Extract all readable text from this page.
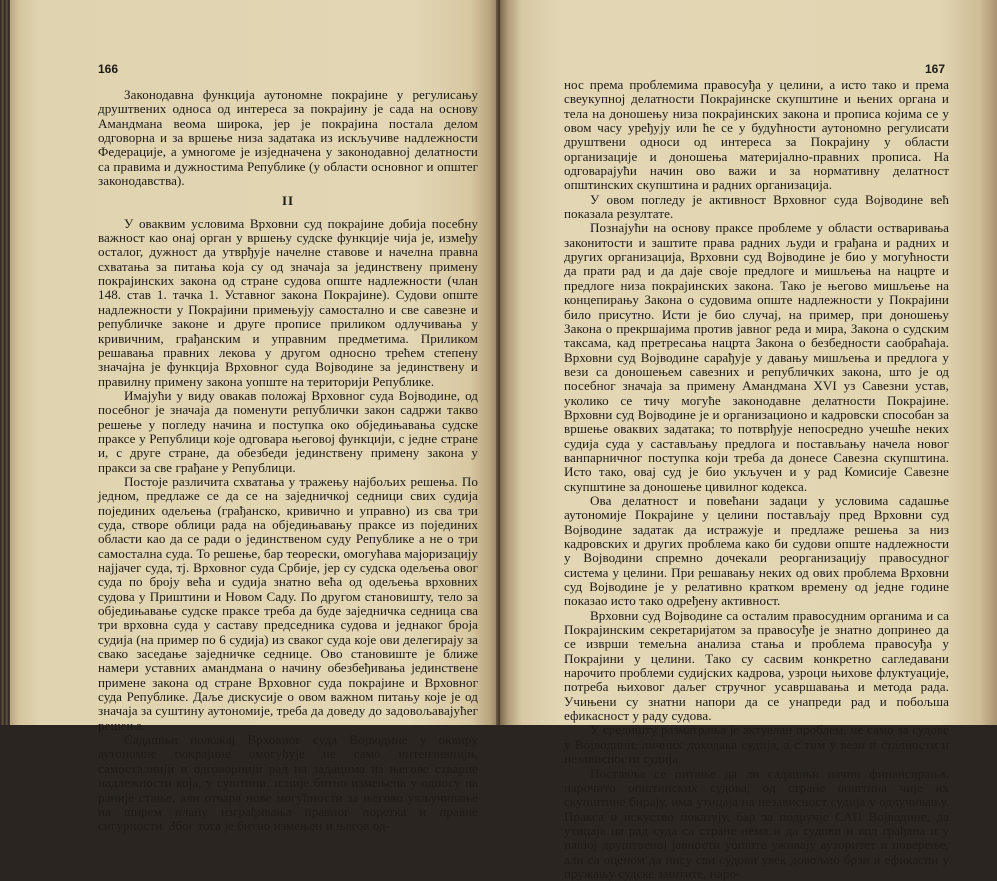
166

Законодавна функција аутономне покрајине у регулисању друштвених односа од интереса за покрајину је сада на основу Амандмана веома широка, јер је покрајина постала делом одговорна и за вршење низа задатака из искључиве надлежности Федерације, а умногоме је изједначена у законодавној делатности са правима и дужностима Републике (у области основног и општег законодавства).

II

У оваквим условима Врховни суд покрајине добија посебну важност као онај орган у вршењу судске функције чија је, између осталог, дужност да утврђује начелне ставове и начелна правна схватања за питања која су од значаја за јединствену примену покрајинских закона од стране судова опште надлежности (члан 148. став 1. тачка 1. Уставног закона Покрајине). Судови опште надлежности у Покрајини примењују самостално и све савезне и републичке законе и друге прописе приликом одлучивања у кривичним, грађанским и управним предметима. Приликом решавања правних лекова у другом односно трећем степену значајна је функција Врховног суда Војводине за јединствену и правилну примену закона уопште на територији Републике.

Имајући у виду овакав положај Врховног суда Војводине, од посебног је значаја да поменути републички закон садржи такво решење у погледу начина и поступка око обједињавања судске праксе у Републици које одговара његовој функцији, с једне стране и, с друге стране, да обезбеди јединствену примену закона у пракси за све грађане у Републици.

Постоје различита схватања у тражењу најбољих решења. По једном, предлаже се да се на заједничкој седници свих судија појединих одељења (грађанско, кривично и управно) из сва три суда, створе облици рада на обједињавању праксе из појединих области као да се ради о јединственом суду Републике а не о три самостална суда. То решење, бар теорески, омогућава мајоризацију најјачег суда, тј. Врховног суда Србије, јер су судска одељења овог суда по броју већа и судија знатно већа од одељења врховних судова у Приштини и Новом Саду. По другом становишту, тело за обједињавање судске праксе треба да буде заједничка седница сва три врховна суда у саставу председника судова и једнаког броја судија (на пример по 6 судија) из сваког суда које ови делегирају за свако заседање заједничке седнице. Ово становиште је ближе намери уставних амандмана о начину обезбеђивања јединствене примене закона од стране Врховног суда покрајине и Врховног суда Републике. Даље дискусије о овом важном питању које је од значаја за суштину аутономије, треба да доведу до задовољавајућег решења.

Садашњи положај Врховног суда Војводине у оквиру аутономне покрајине омогућује не само интензивнији, самосталнији и одговорнији рад на задацима из његове стварне надлежности која, у суштини, и није битно измењена у односу на раније стање, али отвара нове могућности за његово укључивање на ширем плану изграђивања правног поретка и правне сигурности. Због тога је битно измењен и његов од-

167

нос према проблемима правосуђа у целини, а исто тако и према свеукупној делатности Покрајинске скупштине и њених органа и тела на доношењу низа покрајинских закона и прописа којима се у овом часу уређују или ће се у будућности аутономно регулисати друштвени односи од интереса за Покрајину у области организације и доношења материјално-правних прописа. На одговарајући начин ово важи и за нормативну делатност општинских скупштина и радних организација.

У овом погледу је активност Врховног суда Војводине већ показала резултате.

Познајући на основу праксе проблеме у области остваривања законитости и заштите права радних људи и грађана и радних и других организација, Врховни суд Војводине је био у могућности да прати рад и да даје своје предлоге и мишљења на нацрте и предлоге низа покрајинских закона. Тако је његово мишљење на концепирању Закона о судовима опште надлежности у Покрајини било присутно. Исти је био случај, на пример, при доношењу Закона о прекршајима против јавног реда и мира, Закона о судским таксама, кад претресања нацрта Закона о безбедности саобраћаја. Врховни суд Војводине сарађује у давању мишљења и предлога у вези са доношењем савезних и републичких закона, што је од посебног значаја за примену Амандмана XVI уз Савезни устав, уколико се тичу могуће законодавне делатности Покрајине. Врховни суд Војводине је и организационо и кадровски способан за вршење оваквих задатака; то потврђује непосредно учешће неких судија суда у састављању предлога и постављању начела новог ванпарничног поступка који треба да донесе Савезна скупштина. Исто тако, овај суд је био укључен и у рад Комисије Савезне скупштине за доношење цивилног кодекса.

Ова делатност и повећани задаци у условима садашње аутономије Покрајине у целини постављају пред Врховни суд Војводине задатак да истражује и предлаже решења за низ кадровских и других проблема како би судови опште надлежности у Војводини спремно дочекали реорганизацију правосудног система у целини. При решавању неких од ових проблема Врховни суд Војводине је у релативно кратком времену од једне године показао исто тако одређену активност.

Врховни суд Војводине са осталим правосудним органима и са Покрајинским секретаријатом за правосуђе је знатно допринео да се изврши темељна анализа стања и проблема правосуђа у Покрајини у целини. Тако су сасвим конкретно сагледавани нарочито проблеми судијских кадрова, узроци њихове флуктуације, потреба њиховог даљег стручног усавршавања и метода рада. Учињени су знатни напори да се унапреди рад и побољша ефикасност у раду судова.

У средишту разматрања је актуелан проблем, не само за судове у Војводини, личних доходака судија, а с тим у вези и сталности и независности судија.

Поставља се питање да ли садашњи начин финансирања, нарочито општинских судова, од стране општина чије их скупштине бирају, има утицаја на независност судија у одлучивању. Пракса и искуство показују, бар за подручје САП Војводине, да утицаја на рад суда са стране нема и да судови и код грађана и у нашој друштвеној јавности уопште уживају ауторитет и поверење, али са оценом да нису сви судови увек довољно брзи и ефикасни у пружању судске заштите, наро-
